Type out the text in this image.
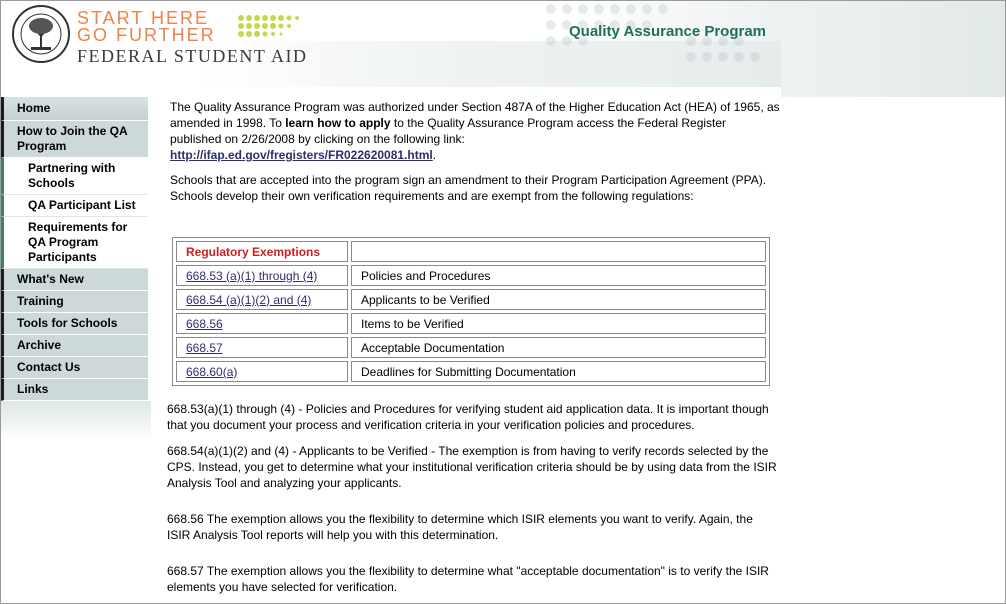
START HERE
GO FURTHER
FEDERAL STUDENT AID
Quality Assurance Program
Home
How to Join the QA Program
Partnering with Schools
QA Participant List
Requirements for QA Program Participants
What's New
Training
Tools for Schools
Archive
Contact Us
Links

The Quality Assurance Program was authorized under Section 487A of the Higher Education Act (HEA) of 1965, as amended in 1998. To learn how to apply to the Quality Assurance Program access the Federal Register published on 2/26/2008 by clicking on the following link:
http://ifap.ed.gov/fregisters/FR022620081.html.

Schools that are accepted into the program sign an amendment to their Program Participation Agreement (PPA). Schools develop their own verification requirements and are exempt from the following regulations:

Regulatory Exemptions	
668.53 (a)(1) through (4)	Policies and Procedures
668.54 (a)(1)(2) and (4)	Applicants to be Verified
668.56	Items to be Verified
668.57	Acceptable Documentation
668.60(a)	Deadlines for Submitting Documentation

668.53(a)(1) through (4) - Policies and Procedures for verifying student aid application data. It is important though that you document your process and verification criteria in your verification policies and procedures.

668.54(a)(1)(2) and (4) - Applicants to be Verified - The exemption is from having to verify records selected by the CPS. Instead, you get to determine what your institutional verification criteria should be by using data from the ISIR Analysis Tool and analyzing your applicants.

668.56 The exemption allows you the flexibility to determine which ISIR elements you want to verify. Again, the ISIR Analysis Tool reports will help you with this determination.

668.57 The exemption allows you the flexibility to determine what "acceptable documentation" is to verify the ISIR elements you have selected for verification.
